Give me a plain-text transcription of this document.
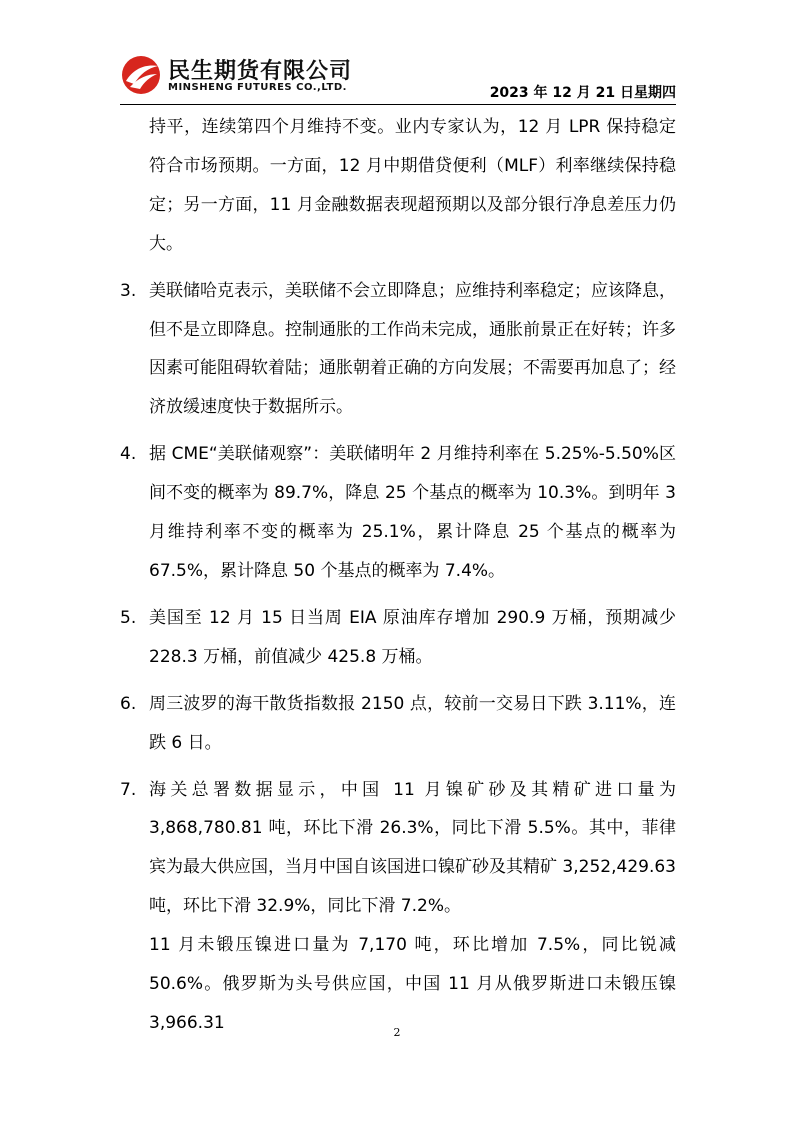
民生期货有限公司
MINSHENG FUTURES CO.,LTD.	2023 年 12 月 21 日星期四

持平，连续第四个月维持不变。业内专家认为，12 月 LPR 保持稳定符合市场预期。一方面，12 月中期借贷便利（MLF）利率继续保持稳定；另一方面，11 月金融数据表现超预期以及部分银行净息差压力仍大。

3. 美联储哈克表示，美联储不会立即降息；应维持利率稳定；应该降息，但不是立即降息。控制通胀的工作尚未完成，通胀前景正在好转；许多因素可能阻碍软着陆；通胀朝着正确的方向发展；不需要再加息了；经济放缓速度快于数据所示。
4. 据 CME“美联储观察”：美联储明年 2 月维持利率在 5.25%-5.50%区间不变的概率为 89.7%，降息 25 个基点的概率为 10.3%。到明年 3 月维持利率不变的概率为 25.1%，累计降息 25 个基点的概率为 67.5%，累计降息 50 个基点的概率为 7.4%。
5. 美国至 12 月 15 日当周 EIA 原油库存增加 290.9 万桶，预期减少 228.3 万桶，前值减少 425.8 万桶。
6. 周三波罗的海干散货指数报 2150 点，较前一交易日下跌 3.11%，连跌 6 日。
7. 海关总署数据显示，中国 11 月镍矿砂及其精矿进口量为 3,868,780.81 吨，环比下滑 26.3%，同比下滑 5.5%。其中，菲律宾为最大供应国，当月中国自该国进口镍矿砂及其精矿 3,252,429.63 吨，环比下滑 32.9%，同比下滑 7.2%。

11 月未锻压镍进口量为 7,170 吨，环比增加 7.5%，同比锐减 50.6%。俄罗斯为头号供应国，中国 11 月从俄罗斯进口未锻压镍 3,966.31	2
